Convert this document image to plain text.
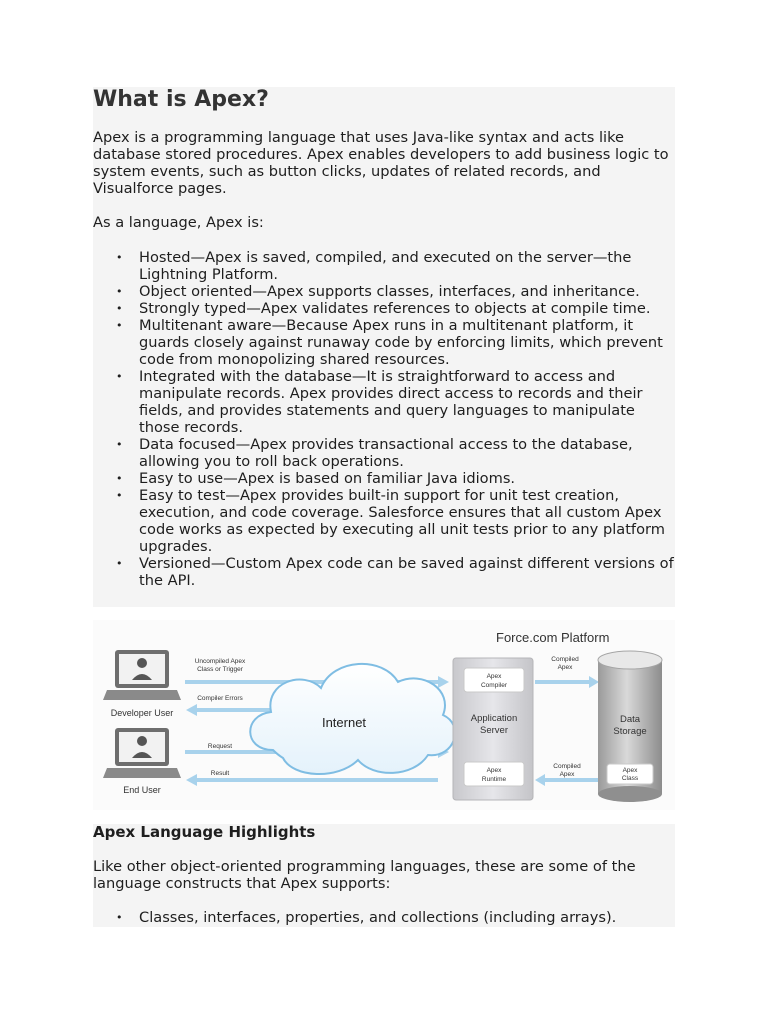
What is Apex?

Apex is a programming language that uses Java-like syntax and acts like database stored procedures. Apex enables developers to add business logic to system events, such as button clicks, updates of related records, and Visualforce pages.

As a language, Apex is:

• Hosted—Apex is saved, compiled, and executed on the server—the Lightning Platform.
• Object oriented—Apex supports classes, interfaces, and inheritance.
• Strongly typed—Apex validates references to objects at compile time.
• Multitenant aware—Because Apex runs in a multitenant platform, it guards closely against runaway code by enforcing limits, which prevent code from monopolizing shared resources.
• Integrated with the database—It is straightforward to access and manipulate records. Apex provides direct access to records and their fields, and provides statements and query languages to manipulate those records.
• Data focused—Apex provides transactional access to the database, allowing you to roll back operations.
• Easy to use—Apex is based on familiar Java idioms.
• Easy to test—Apex provides built-in support for unit test creation, execution, and code coverage. Salesforce ensures that all custom Apex code works as expected by executing all unit tests prior to any platform upgrades.
• Versioned—Custom Apex code can be saved against different versions of the API.
Force.com Platform
Developer User
End User
Uncompiled Apex
Class or Trigger
Compiler Errors
Request
Result
Internet
Apex
Compiler
Application
Server
Apex
Runtime
Compiled
Apex
Compiled
Apex
Data
Storage
Apex
Class
Apex Language Highlights

Like other object-oriented programming languages, these are some of the language constructs that Apex supports:

• Classes, interfaces, properties, and collections (including arrays).
